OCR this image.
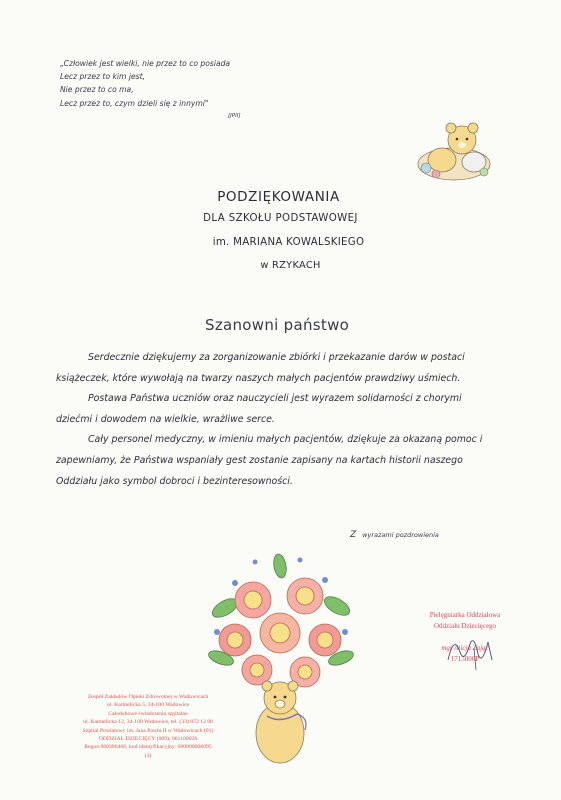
„Człowiek jest wielki, nie przez to co posiada
Lecz przez to kim jest,
Nie przez to co ma,
Lecz przez to, czym dzieli się z innymi"
[JPII]
PODZIĘKOWANIA
DLA SZKOŁU PODSTAWOWEJ
im. MARIANA KOWALSKIEGO
w RZYKACH
Szanowni państwo

Serdecznie dziękujemy za zorganizowanie zbiórki i przekazanie darów w postaci książeczek, które wywołają na twarzy naszych małych pacjentów prawdziwy uśmiech.

Postawa Państwa uczniów oraz nauczycieli jest wyrazem solidarności z chorymi dziećmi i dowodem na wielkie, wrażliwe serce.

Cały personel medyczny, w imieniu małych pacjentów, dziękuje za okazaną pomoc i zapewniamy, że Państwa wspaniały gest zostanie zapisany na kartach historii naszego Oddziału jako symbol dobroci i bezinteresowności.

Z wyrazami pozdrowienia
Zespół Zakładów Opieki Zdrowotnej w Wadowicach
ul. Karmelicka 5, 34-100 Wadowice
Całodobowe świadczenia szpitalne
ul. Karmelicka 12, 34-100 Wadowice, tel. (33) 872 12 00
Szpital Powiatowy im. Jana Pawła II w Wadowicach (01)
ODDZIAŁ DZIECIĘCY (009), 061100026
Regon 000306466, kod identyfikacyjny: 000000006095
(3)
Pielęgniarka Oddziałowa
Oddziału Dziecięcego
mgr Alicja Zając
1715000P
